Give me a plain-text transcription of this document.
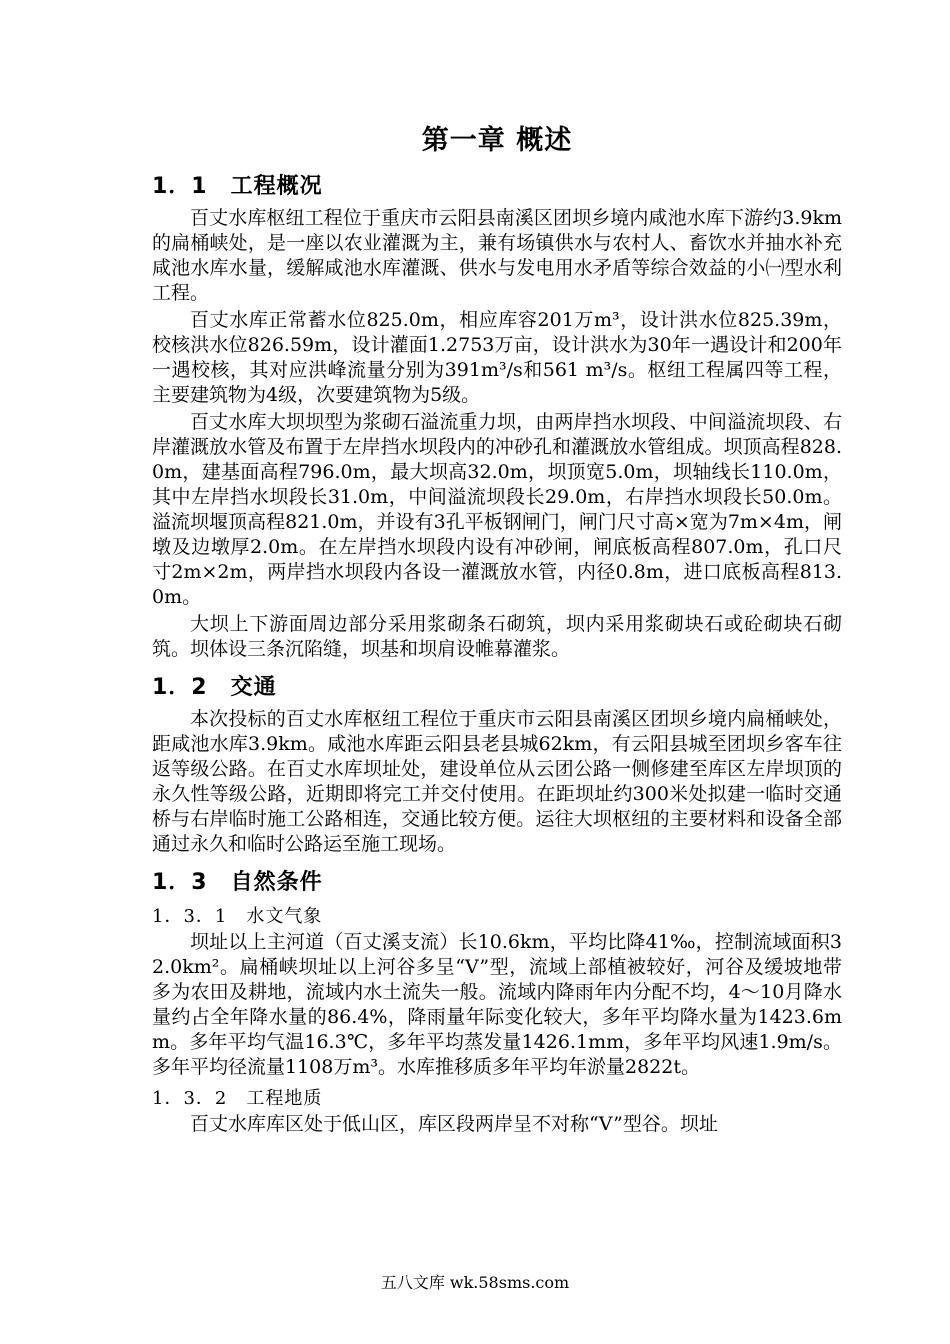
第一章 概述
1．1　工程概况

百丈水库枢纽工程位于重庆市云阳县南溪区团坝乡境内咸池水库下游约3.9km的扁桶峡处，是一座以农业灌溉为主，兼有场镇供水与农村人、畜饮水并抽水补充咸池水库水量，缓解咸池水库灌溉、供水与发电用水矛盾等综合效益的小㈠型水利工程。

百丈水库正常蓄水位825.0m，相应库容201万m³，设计洪水位825.39m，校核洪水位826.59m，设计灌面1.2753万亩，设计洪水为30年一遇设计和200年一遇校核，其对应洪峰流量分别为391m³/s和561 m³/s。枢纽工程属四等工程，主要建筑物为4级，次要建筑物为5级。

百丈水库大坝坝型为浆砌石溢流重力坝，由两岸挡水坝段、中间溢流坝段、右岸灌溉放水管及布置于左岸挡水坝段内的冲砂孔和灌溉放水管组成。坝顶高程828.0m，建基面高程796.0m，最大坝高32.0m，坝顶宽5.0m，坝轴线长110.0m，其中左岸挡水坝段长31.0m，中间溢流坝段长29.0m，右岸挡水坝段长50.0m。溢流坝堰顶高程821.0m，并设有3孔平板钢闸门，闸门尺寸高×宽为7m×4m，闸墩及边墩厚2.0m。在左岸挡水坝段内设有冲砂闸，闸底板高程807.0m，孔口尺寸2m×2m，两岸挡水坝段内各设一灌溉放水管，内径0.8m，进口底板高程813.0m。

大坝上下游面周边部分采用浆砌条石砌筑，坝内采用浆砌块石或砼砌块石砌筑。坝体设三条沉陷缝，坝基和坝肩设帷幕灌浆。

1．2　交通

本次投标的百丈水库枢纽工程位于重庆市云阳县南溪区团坝乡境内扁桶峡处，距咸池水库3.9km。咸池水库距云阳县老县城62km，有云阳县城至团坝乡客车往返等级公路。在百丈水库坝址处，建设单位从云团公路一侧修建至库区左岸坝顶的永久性等级公路，近期即将完工并交付使用。在距坝址约300米处拟建一临时交通桥与右岸临时施工公路相连，交通比较方便。运往大坝枢纽的主要材料和设备全部通过永久和临时公路运至施工现场。

1．3　自然条件
1．3．1　水文气象

坝址以上主河道（百丈溪支流）长10.6km，平均比降41‰，控制流域面积32.0km²。扁桶峡坝址以上河谷多呈“V”型，流域上部植被较好，河谷及缓坡地带多为农田及耕地，流域内水土流失一般。流域内降雨年内分配不均，4～10月降水量约占全年降水量的86.4%，降雨量年际变化较大，多年平均降水量为1423.6mm。多年平均气温16.3℃，多年平均蒸发量1426.1mm，多年平均风速1.9m/s。多年平均径流量1108万m³。水库推移质多年平均年淤量2822t。

1．3．2　工程地质

百丈水库库区处于低山区，库区段两岸呈不对称“V”型谷。坝址

五八文库 wk.58sms.com
